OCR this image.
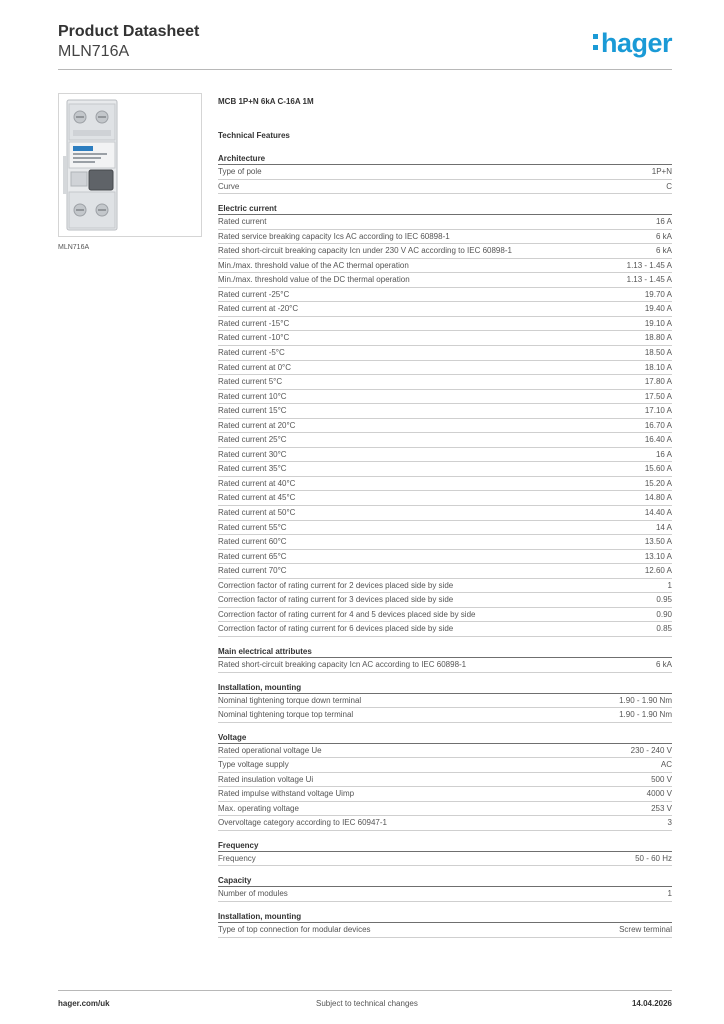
Product Datasheet
MLN716A	hager
MLN716A
MCB 1P+N 6kA C-16A 1M
Technical Features
Architecture
Type of pole	1P+N
Curve	C
Electric current
Rated current	16 A
Rated service breaking capacity Ics AC according to IEC 60898-1	6 kA
Rated short-circuit breaking capacity Icn under 230 V AC according to IEC 60898-1	6 kA
Min./max. threshold value of the AC thermal operation	1.13 - 1.45 A
Min./max. threshold value of the DC thermal operation	1.13 - 1.45 A
Rated current -25°C	19.70 A
Rated current at -20°C	19.40 A
Rated current -15°C	19.10 A
Rated current -10°C	18.80 A
Rated current -5°C	18.50 A
Rated current at 0°C	18.10 A
Rated current 5°C	17.80 A
Rated current 10°C	17.50 A
Rated current 15°C	17.10 A
Rated current at 20°C	16.70 A
Rated current 25°C	16.40 A
Rated current 30°C	16 A
Rated current 35°C	15.60 A
Rated current at 40°C	15.20 A
Rated current at 45°C	14.80 A
Rated current at 50°C	14.40 A
Rated current 55°C	14 A
Rated current 60°C	13.50 A
Rated current 65°C	13.10 A
Rated current 70°C	12.60 A
Correction factor of rating current for 2 devices placed side by side	1
Correction factor of rating current for 3 devices placed side by side	0.95
Correction factor of rating current for 4 and 5 devices placed side by side	0.90
Correction factor of rating current for 6 devices placed side by side	0.85
Main electrical attributes
Rated short-circuit breaking capacity Icn AC according to IEC 60898-1	6 kA
Installation, mounting
Nominal tightening torque down terminal	1.90 - 1.90 Nm
Nominal tightening torque top terminal	1.90 - 1.90 Nm
Voltage
Rated operational voltage Ue	230 - 240 V
Type voltage supply	AC
Rated insulation voltage Ui	500 V
Rated impulse withstand voltage Uimp	4000 V
Max. operating voltage	253 V
Overvoltage category according to IEC 60947-1	3
Frequency
Frequency	50 - 60 Hz
Capacity
Number of modules	1
Installation, mounting
Type of top connection for modular devices	Screw terminal
hager.com/uk	Subject to technical changes	14.04.2026
